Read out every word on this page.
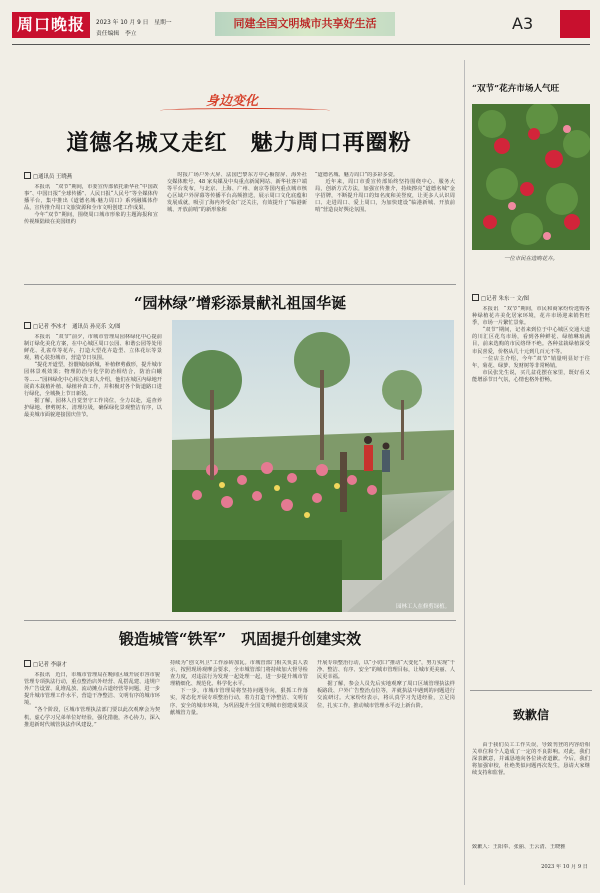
周口晚报	2023 年 10 月 9 日　星期一
责任编辑　李立
同建全国文明城市共享好生活	A3
身边变化
道德名城又走红　魅力周口再圈粉
□通讯员 王晓燕

本报讯　“双节”期间，市委宣传部依托新华社“中国故事”、中国日报“全球传播”、人民日报“人民号”等全媒体传播平台，集中推出《道德名城·魅力周口》系列融媒体作品，宣传推介周口文旅资源和全市文明创建工作成果。

今年“双节”期间，围绕周口城市形象的主题海报和宣传视频陆续在美国纽约

时报广场户外大屏、法国巴黎东方中心橱窗屏、海外社交媒体账号、48 家央媒及中央重点新闻网站、新华社客户端等平台发布，与北京、上海、广州、南京等国内重点城市核心区域户外屏幕等传播平台高频推送，展示周口文化底蕴和发展成就，吸引了海内外受众广泛关注，有效提升了“临港新城、开放前哨”的新形象和

“道德名城、魅力周口”的多彩多姿。

近年来，周口市委宣传部始终坚持围绕中心、服务大局，创新方式方法，加强宣传推介，持续擦亮“道德名城”金字招牌，不断提升周口的知名度和美誉度，让更多人认识周口、走进周口、爱上周口，为加快建设“临港新城、开放前哨”营造良好舆论氛围。

“园林绿”增彩添景献礼祖国华诞
□记者 李冰才　通讯员 孙亮乐 文/图

本报讯　“双节”前夕，市城市管理局园林绿化中心提前制订绿化美化方案，在中心城区周口公园、和谐公园等处用鲜花、孔雀草等花卉，打造大型花卉造型、立体花坛等景观，精心装扮城市，营造节日氛围。

“提花开道型，扮靓城南新城，补植修剪截形，提升城市园林景观效果；物理防治与化学防治相结合，防治白蛾等……”园林绿化中心相关负责人介绍，他们在城区内绿地开展苗木栽植补植、绿植补苗工作，并积极对各个街道路口进行绿化，全城换上节日新装。

据了解，园林人自觉坚守工作岗位，全力以赴，巡查养护绿地、修剪树木、清理垃圾，确保绿化景观整洁有序，以最美城市面貌迎接国庆佳节。

园林工人在修剪绿植。
锻造城管“铁军”　巩固提升创建实效
□记者 李康才

本报讯　近日，市城市管理局在晚间区域开展市容市貌管理专项执法行动，重点整治店外经营、乱搭乱建、违规户外广告设置、乱堆乱放、流动摊点占道经营等问题，进一步提升城市管理工作水平，营造干净整洁、文明有序的城市环境。

“各个阶段，区城市管理执法部门要以此次观摩会为契机，虚心学习兄弟单位好经验，强化措施，齐心协力，深入推进新时代城管执法作风建设。”

持续为“创文巩卫”工作添砖加瓦。市城管部门相关负责人表示，按照现场观摩会要求，全市城管部门将持续加大督导检查力度，对违法行为发现一起处理一起，进一步提升城市管理精细化、规范化、科学化水平。

下一步，市城市管理局将坚持问题导向，狠抓工作落实，常态化开展专项整治行动，着力打造干净整洁、文明有序、安全的城市环境，为巩固提升全国文明城市创建成果贡献城管力量。

开展专项整治行动，以“小切口”推动“大变化”，努力实现“干净、整洁、有序、安全”的城市管理目标，让城市更美丽、人民更幸福。

据了解，参会人员先后实地观摩了周口区域管理执法样板路段、户外广告整治点位等，并就执法中遇到的问题进行交流研讨。大家纷纷表示，将认真学习先进经验，立足岗位，扎实工作，推动城市管理水平迈上新台阶。

“双节”花卉市场人气旺
一位市民在选购花卉。
□记者 朱东一 文/图

本报讯　“双节”期间，市民和商家纷纷选购各种绿植花卉美化居家环境，花卉市场迎来销售旺季，市场一片繁忙景象。

“双节”期间，记者来到位于中心城区交通大道的川汇区花鸟市场，看到各种鲜花、绿植琳琅满目，前来选购的市民络绎不绝。各种盆栽绿植深受市民喜爱，价格从几十元到几百元不等。

一位店主介绍，今年“双节”销量明显好于往年，菊花、绿萝、发财树等非常畅销。

市民张先生说，买几盆花摆在家里，既好看又能增添节日气氛，心情也格外舒畅。

致歉信

由于我们员工工作失误，导致刊登的内容给相关单位和个人造成了一定的不良影响。对此，我们深表歉意，并诚恳地向各位读者道歉。今后，我们将加强审校，杜绝类似问题再次发生，恳请大家继续支持和监督。

致歉人：王阳奉、张丽、王云清、王晓雅
2023 年 10 月 9 日
